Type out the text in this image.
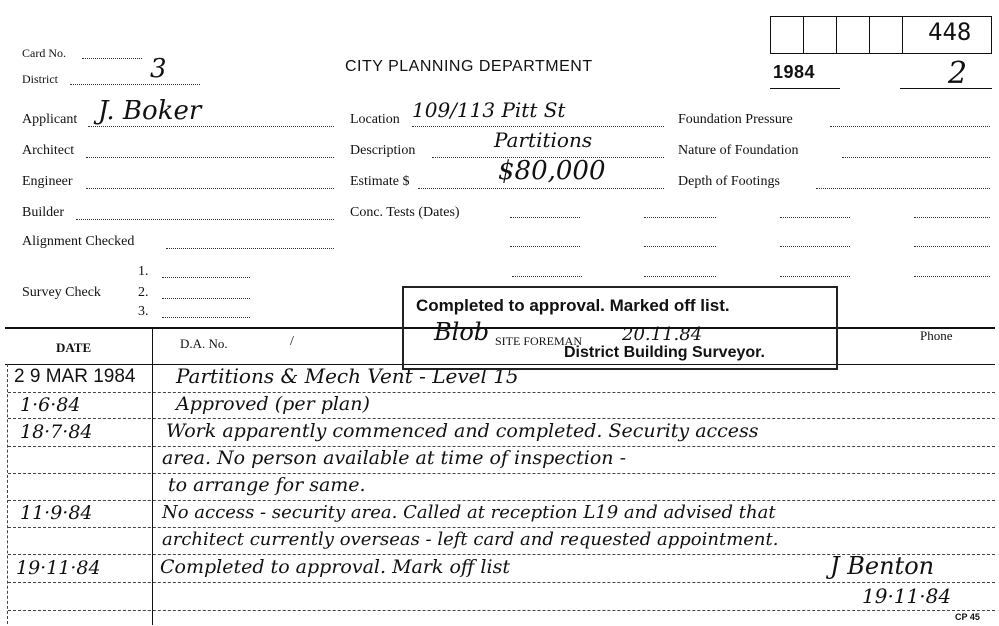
Card No.
District	3	CITY PLANNING DEPARTMENT	1984	2
448
Applicant J. Boker
Architect
Engineer
Builder
Alignment Checked
Survey Check
1.
2.
3.
Location 109/113 Pitt St
Description	Partitions
Estimate $	$80,000
Conc. Tests (Dates)
Foundation Pressure
Nature of Foundation
Depth of Footings
DATE	D.A. No.	/	SITE FOREMAN	Phone
2 9 MAR 1984 Partitions & Mech Vent - Level 15
1·6·84	Approved (per plan)
18·7·84	Work apparently commenced and completed. Security access
area. No person available at time of inspection -
to arrange for same.
11·9·84	No access - security area. Called at reception L19 and advised that
architect currently overseas - left card and requested appointment.
19·11·84	Completed to approval. Mark off list	J Benton
19·11·84
CP 45
Completed to approval. Marked off list.
District Building Surveyor.
Blob	20.11.84
